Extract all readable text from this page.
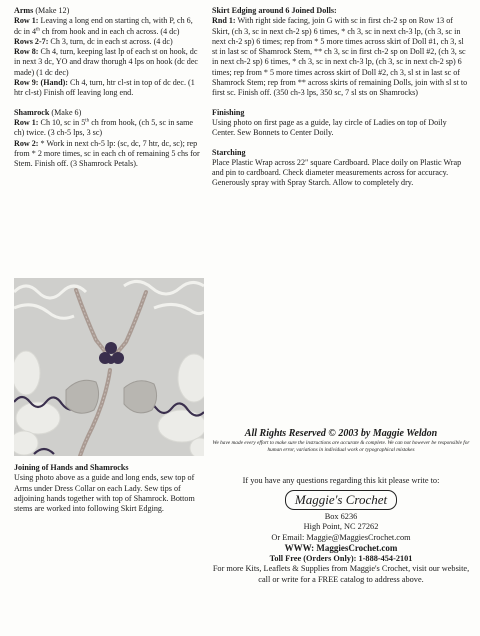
Arms (Make 12)

Row 1: Leaving a long end on starting ch, with P, ch 6, dc in 4th ch from hook and in each ch across. (4 dc)

Rows 2-7: Ch 3, turn, dc in each st across. (4 dc)

Row 8: Ch 4, turn, keeping last lp of each st on hook, dc in next 3 dc, YO and draw thorugh 4 lps on hook (dc dec made) (1 dc dec)

Row 9: (Hand): Ch 4, turn, htr cl-st in top of dc dec. (1 htr cl-st) Finish off leaving long end.

Shamrock (Make 6)

Row 1: Ch 10, sc in 5th ch from hook, (ch 5, sc in same ch) twice. (3 ch-5 lps, 3 sc)

Row 2: * Work in next ch-5 lp: (sc, dc, 7 htr, dc, sc); rep from * 2 more times, sc in each ch of remaining 5 chs for Stem. Finish off. (3 Shamrock Petals).

Joining of Hands and Shamrocks

Using photo above as a guide and long ends, sew top of Arms under Dress Collar on each Lady. Sew tips of adjoining hands together with top of Shamrock. Bottom stems are worked into following Skirt Edging.

Skirt Edging around 6 Joined Dolls:

Rnd 1: With right side facing, join G with sc in first ch-2 sp on Row 13 of Skirt, (ch 3, sc in next ch-2 sp) 6 times, * ch 3, sc in next ch-3 lp, (ch 3, sc in next ch-2 sp) 6 times; rep from * 5 more times across skirt of Doll #1, ch 3, sl st in last sc of Shamrock Stem, ** ch 3, sc in first ch-2 sp on Doll #2, (ch 3, sc in next ch-2 sp) 6 times, * ch 3, sc in next ch-3 lp, (ch 3, sc in next ch-2 sp) 6 times; rep from * 5 more times across skirt of Doll #2, ch 3, sl st in last sc of Shamrock Stem; rep from ** across skirts of remaining Dolls, join with sl st to first sc. Finish off. (350 ch-3 lps, 350 sc, 7 sl sts on Shamrocks)

Finishing

Using photo on first page as a guide, lay circle of Ladies on top of Doily Center. Sew Bonnets to Center Doily.

Starching

Place Plastic Wrap across 22" square Cardboard. Place doily on Plastic Wrap and pin to cardboard. Check diameter measurements across for accuracy. Generously spray with Spray Starch. Allow to completely dry.

All Rights Reserved © 2003 by Maggie Weldon
We have made every effort to make sure the instructions are accurate & complete. We can not however be responsible for human error, variations in individual work or typographical mistakes
If you have any questions regarding this kit please write to:
Maggie's Crochet
Box 6236
High Point, NC 27262
Or Email: Maggie@MaggiesCrochet.com
WWW: MaggiesCrochet.com
Toll Free (Orders Only): 1-888-454-2101
For more Kits, Leaflets & Supplies from Maggie's Crochet, visit our website, call or write for a FREE catalog to address above.
